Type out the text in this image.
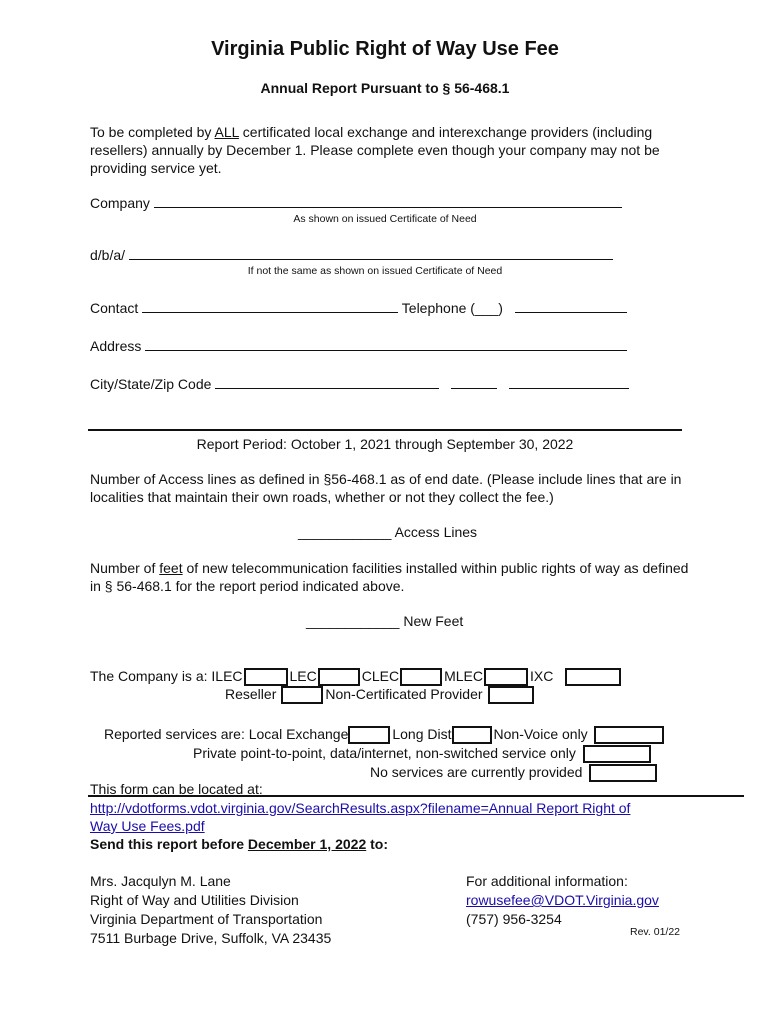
Virginia Public Right of Way Use Fee
Annual Report Pursuant to § 56-468.1
To be completed by ALL certificated local exchange and interexchange providers (including resellers) annually by December 1. Please complete even though your company may not be providing service yet.
Company
As shown on issued Certificate of Need
d/b/a/
If not the same as shown on issued Certificate of Need
Contact	Telephone (___)
Address
City/State/Zip Code
Report Period: October 1, 2021 through September 30, 2022
Number of Access lines as defined in §56-468.1 as of end date. (Please include lines that are in localities that maintain their own roads, whether or not they collect the fee.)
____________ Access Lines
Number of feet of new telecommunication facilities installed within public rights of way as defined in § 56-468.1 for the report period indicated above.
____________ New Feet
The Company is a: ILEC	LEC	CLEC	MLEC	IXC
Reseller	Non-Certificated Provider
Reported services are: Local Exchange	Long Dist	Non-Voice only
Private point-to-point, data/internet, non-switched service only
No services are currently provided
This form can be located at:
http://vdotforms.vdot.virginia.gov/SearchResults.aspx?filename=Annual Report Right of Way Use Fees.pdf
Send this report before December 1, 2022 to:
Mrs. Jacqulyn M. Lane
Right of Way and Utilities Division
Virginia Department of Transportation
7511 Burbage Drive, Suffolk, VA 23435
For additional information:
rowusefee@VDOT.Virginia.gov
(757) 956-3254
Rev. 01/22
